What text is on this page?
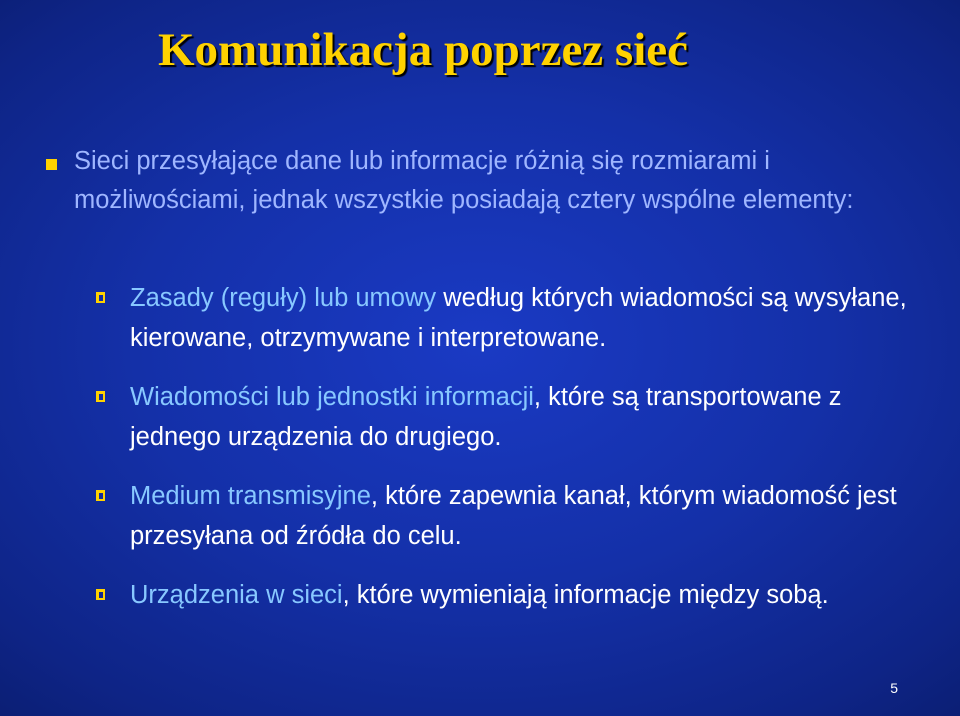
Komunikacja poprzez sieć
Sieci przesyłające dane lub informacje różnią się rozmiarami i możliwościami, jednak wszystkie posiadają cztery wspólne elementy:
Zasady (reguły) lub umowy według których wiadomości są wysyłane, kierowane, otrzymywane i interpretowane.
Wiadomości lub jednostki informacji, które są transportowane z jednego urządzenia do drugiego.
Medium transmisyjne, które zapewnia kanał, którym wiadomość jest przesyłana od źródła do celu.
Urządzenia w sieci, które wymieniają informacje między sobą.
5
